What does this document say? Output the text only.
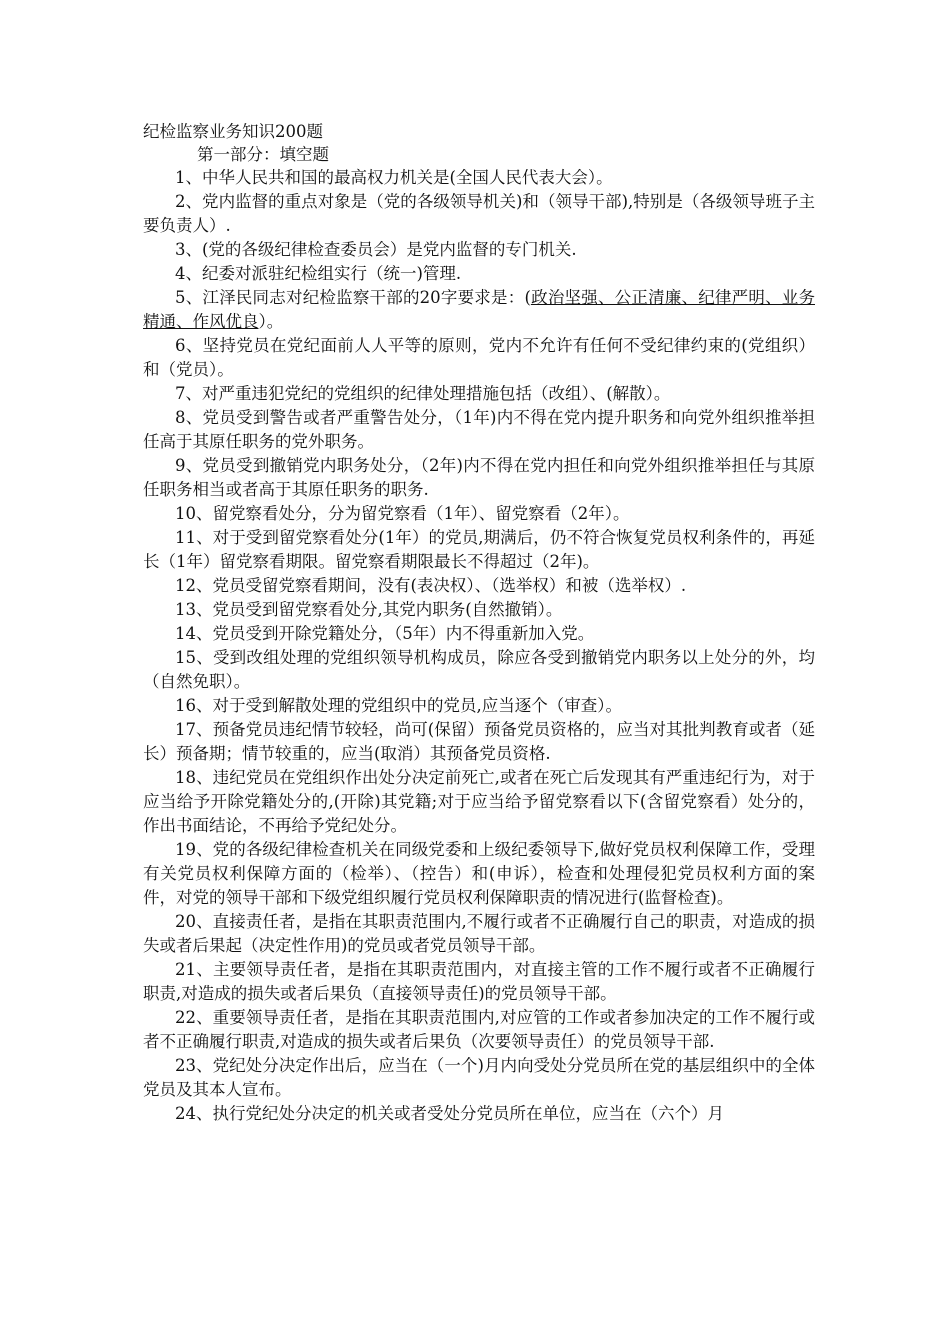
纪检监察业务知识200题

第一部分：填空题

1、中华人民共和国的最高权力机关是(全国人民代表大会）。

2、党内监督的重点对象是（党的各级领导机关)和（领导干部),特别是（各级领导班子主要负责人）.

3、(党的各级纪律检查委员会）是党内监督的专门机关.

4、纪委对派驻纪检组实行（统一)管理.

5、江泽民同志对纪检监察干部的20字要求是：(政治坚强、公正清廉、纪律严明、业务精通、作风优良）。

6、坚持党员在党纪面前人人平等的原则，党内不允许有任何不受纪律约束的(党组织）和（党员）。

7、对严重违犯党纪的党组织的纪律处理措施包括（改组）、(解散）。

8、党员受到警告或者严重警告处分，（1年)内不得在党内提升职务和向党外组织推举担任高于其原任职务的党外职务。

9、党员受到撤销党内职务处分，（2年)内不得在党内担任和向党外组织推举担任与其原任职务相当或者高于其原任职务的职务.

10、留党察看处分，分为留党察看（1年）、留党察看（2年）。

11、对于受到留党察看处分(1年）的党员,期满后，仍不符合恢复党员权利条件的，再延长（1年）留党察看期限。留党察看期限最长不得超过（2年)。

12、党员受留党察看期间，没有(表决权）、（选举权）和被（选举权）.

13、党员受到留党察看处分,其党内职务(自然撤销）。

14、党员受到开除党籍处分，（5年）内不得重新加入党。

15、受到改组处理的党组织领导机构成员，除应各受到撤销党内职务以上处分的外，均（自然免职）。

16、对于受到解散处理的党组织中的党员,应当逐个（审查）。

17、预备党员违纪情节较轻，尚可(保留）预备党员资格的，应当对其批判教育或者（延长）预备期；情节较重的，应当(取消）其预备党员资格.

18、违纪党员在党组织作出处分决定前死亡,或者在死亡后发现其有严重违纪行为，对于应当给予开除党籍处分的,(开除)其党籍;对于应当给予留党察看以下(含留党察看）处分的，作出书面结论，不再给予党纪处分。

19、党的各级纪律检查机关在同级党委和上级纪委领导下,做好党员权利保障工作，受理有关党员权利保障方面的（检举）、（控告）和(申诉），检查和处理侵犯党员权利方面的案件，对党的领导干部和下级党组织履行党员权利保障职责的情况进行(监督检查)。

20、直接责任者，是指在其职责范围内,不履行或者不正确履行自己的职责，对造成的损失或者后果起（决定性作用)的党员或者党员领导干部。

21、主要领导责任者，是指在其职责范围内，对直接主管的工作不履行或者不正确履行职责,对造成的损失或者后果负（直接领导责任)的党员领导干部。

22、重要领导责任者，是指在其职责范围内,对应管的工作或者参加决定的工作不履行或者不正确履行职责,对造成的损失或者后果负（次要领导责任）的党员领导干部.

23、党纪处分决定作出后，应当在（一个)月内向受处分党员所在党的基层组织中的全体党员及其本人宣布。

24、执行党纪处分决定的机关或者受处分党员所在单位，应当在（六个）月
